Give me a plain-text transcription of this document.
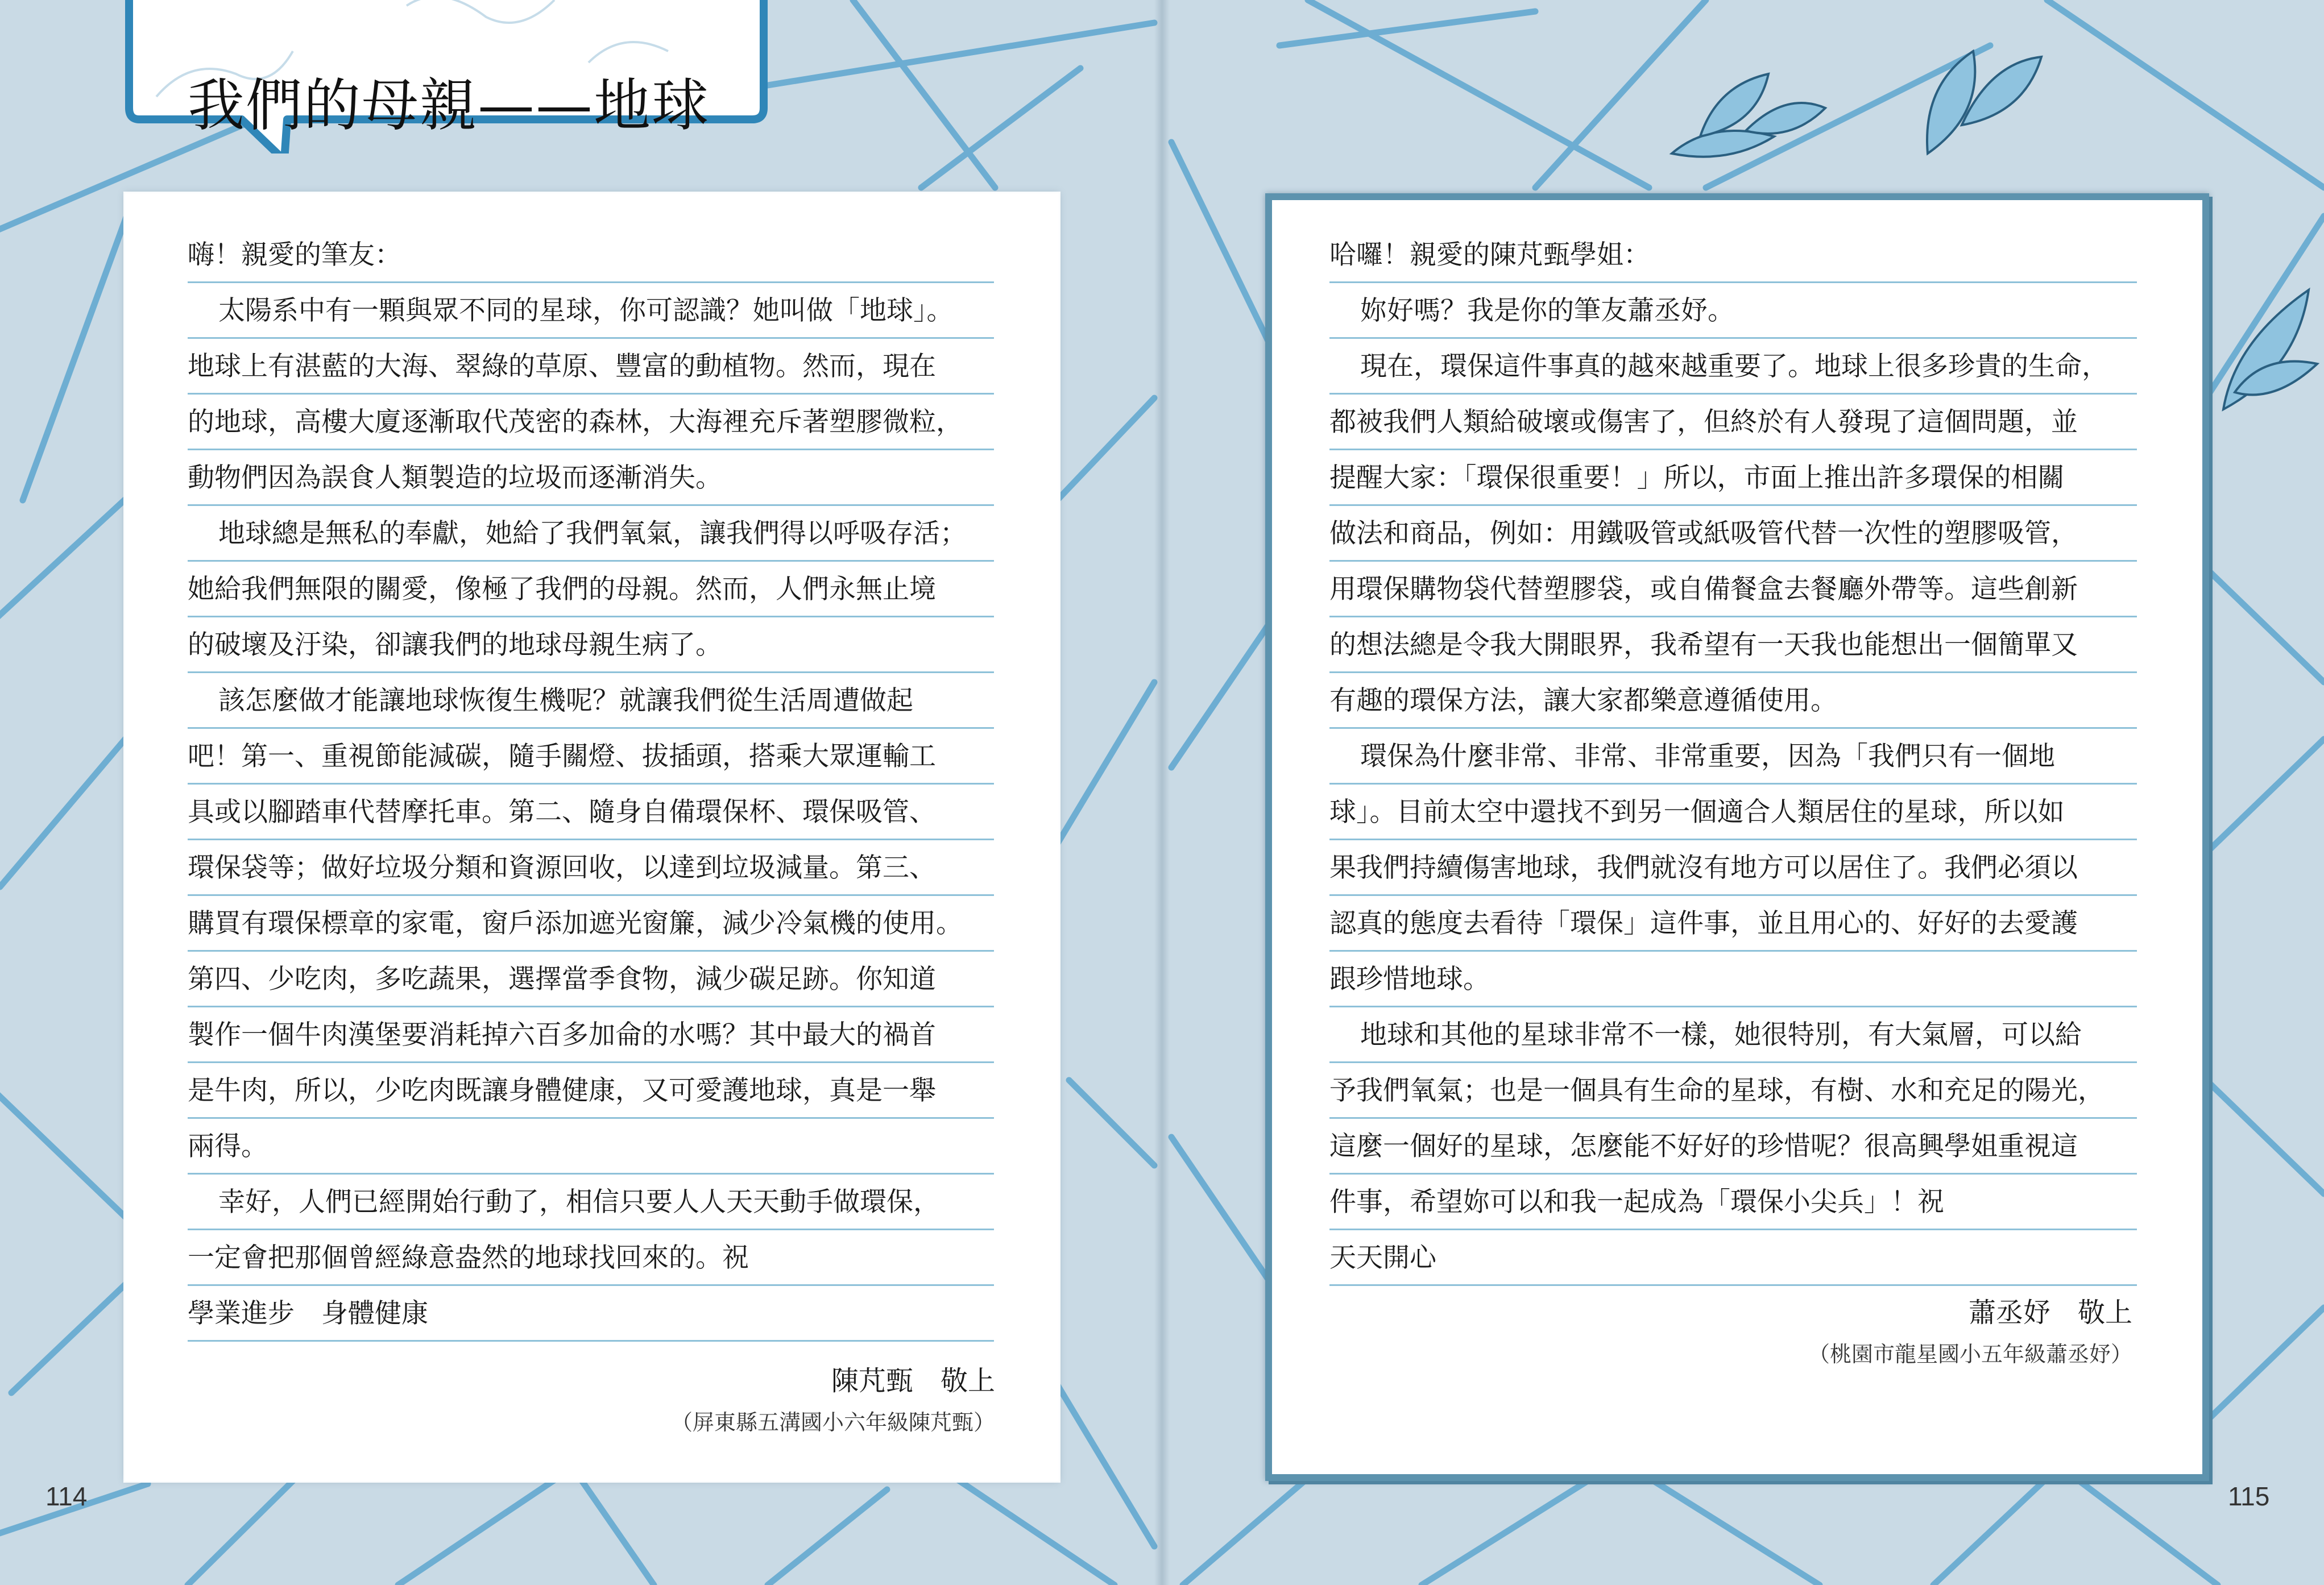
我們的母親——地球
嗨！親愛的筆友：
太陽系中有一顆與眾不同的星球，你可認識？她叫做「地球」。
地球上有湛藍的大海、翠綠的草原、豐富的動植物。然而，現在
的地球，高樓大廈逐漸取代茂密的森林，大海裡充斥著塑膠微粒，
動物們因為誤食人類製造的垃圾而逐漸消失。
地球總是無私的奉獻，她給了我們氧氣，讓我們得以呼吸存活；
她給我們無限的關愛，像極了我們的母親。然而，人們永無止境
的破壞及汙染，卻讓我們的地球母親生病了。
該怎麼做才能讓地球恢復生機呢？就讓我們從生活周遭做起
吧！第一、重視節能減碳，隨手關燈、拔插頭，搭乘大眾運輸工
具或以腳踏車代替摩托車。第二、隨身自備環保杯、環保吸管、
環保袋等；做好垃圾分類和資源回收，以達到垃圾減量。第三、
購買有環保標章的家電，窗戶添加遮光窗簾，減少冷氣機的使用。
第四、少吃肉，多吃蔬果，選擇當季食物，減少碳足跡。你知道
製作一個牛肉漢堡要消耗掉六百多加侖的水嗎？其中最大的禍首
是牛肉，所以，少吃肉既讓身體健康，又可愛護地球，真是一舉
兩得。
幸好，人們已經開始行動了，相信只要人人天天動手做環保，
一定會把那個曾經綠意盎然的地球找回來的。祝
學業進步　身體健康
陳芃甄　敬上
（屏東縣五溝國小六年級陳芃甄）
哈囉！親愛的陳芃甄學姐：
妳好嗎？我是你的筆友蕭丞妤。
現在，環保這件事真的越來越重要了。地球上很多珍貴的生命，
都被我們人類給破壞或傷害了，但終於有人發現了這個問題，並
提醒大家：「環保很重要！」所以，市面上推出許多環保的相關
做法和商品，例如：用鐵吸管或紙吸管代替一次性的塑膠吸管，
用環保購物袋代替塑膠袋，或自備餐盒去餐廳外帶等。這些創新
的想法總是令我大開眼界，我希望有一天我也能想出一個簡單又
有趣的環保方法，讓大家都樂意遵循使用。
環保為什麼非常、非常、非常重要，因為「我們只有一個地
球」。目前太空中還找不到另一個適合人類居住的星球，所以如
果我們持續傷害地球，我們就沒有地方可以居住了。我們必須以
認真的態度去看待「環保」這件事，並且用心的、好好的去愛護
跟珍惜地球。
地球和其他的星球非常不一樣，她很特別，有大氣層，可以給
予我們氧氣；也是一個具有生命的星球，有樹、水和充足的陽光，
這麼一個好的星球，怎麼能不好好的珍惜呢？很高興學姐重視這
件事，希望妳可以和我一起成為「環保小尖兵」！祝
天天開心
蕭丞妤　敬上
（桃園市龍星國小五年級蕭丞妤）
114	115
